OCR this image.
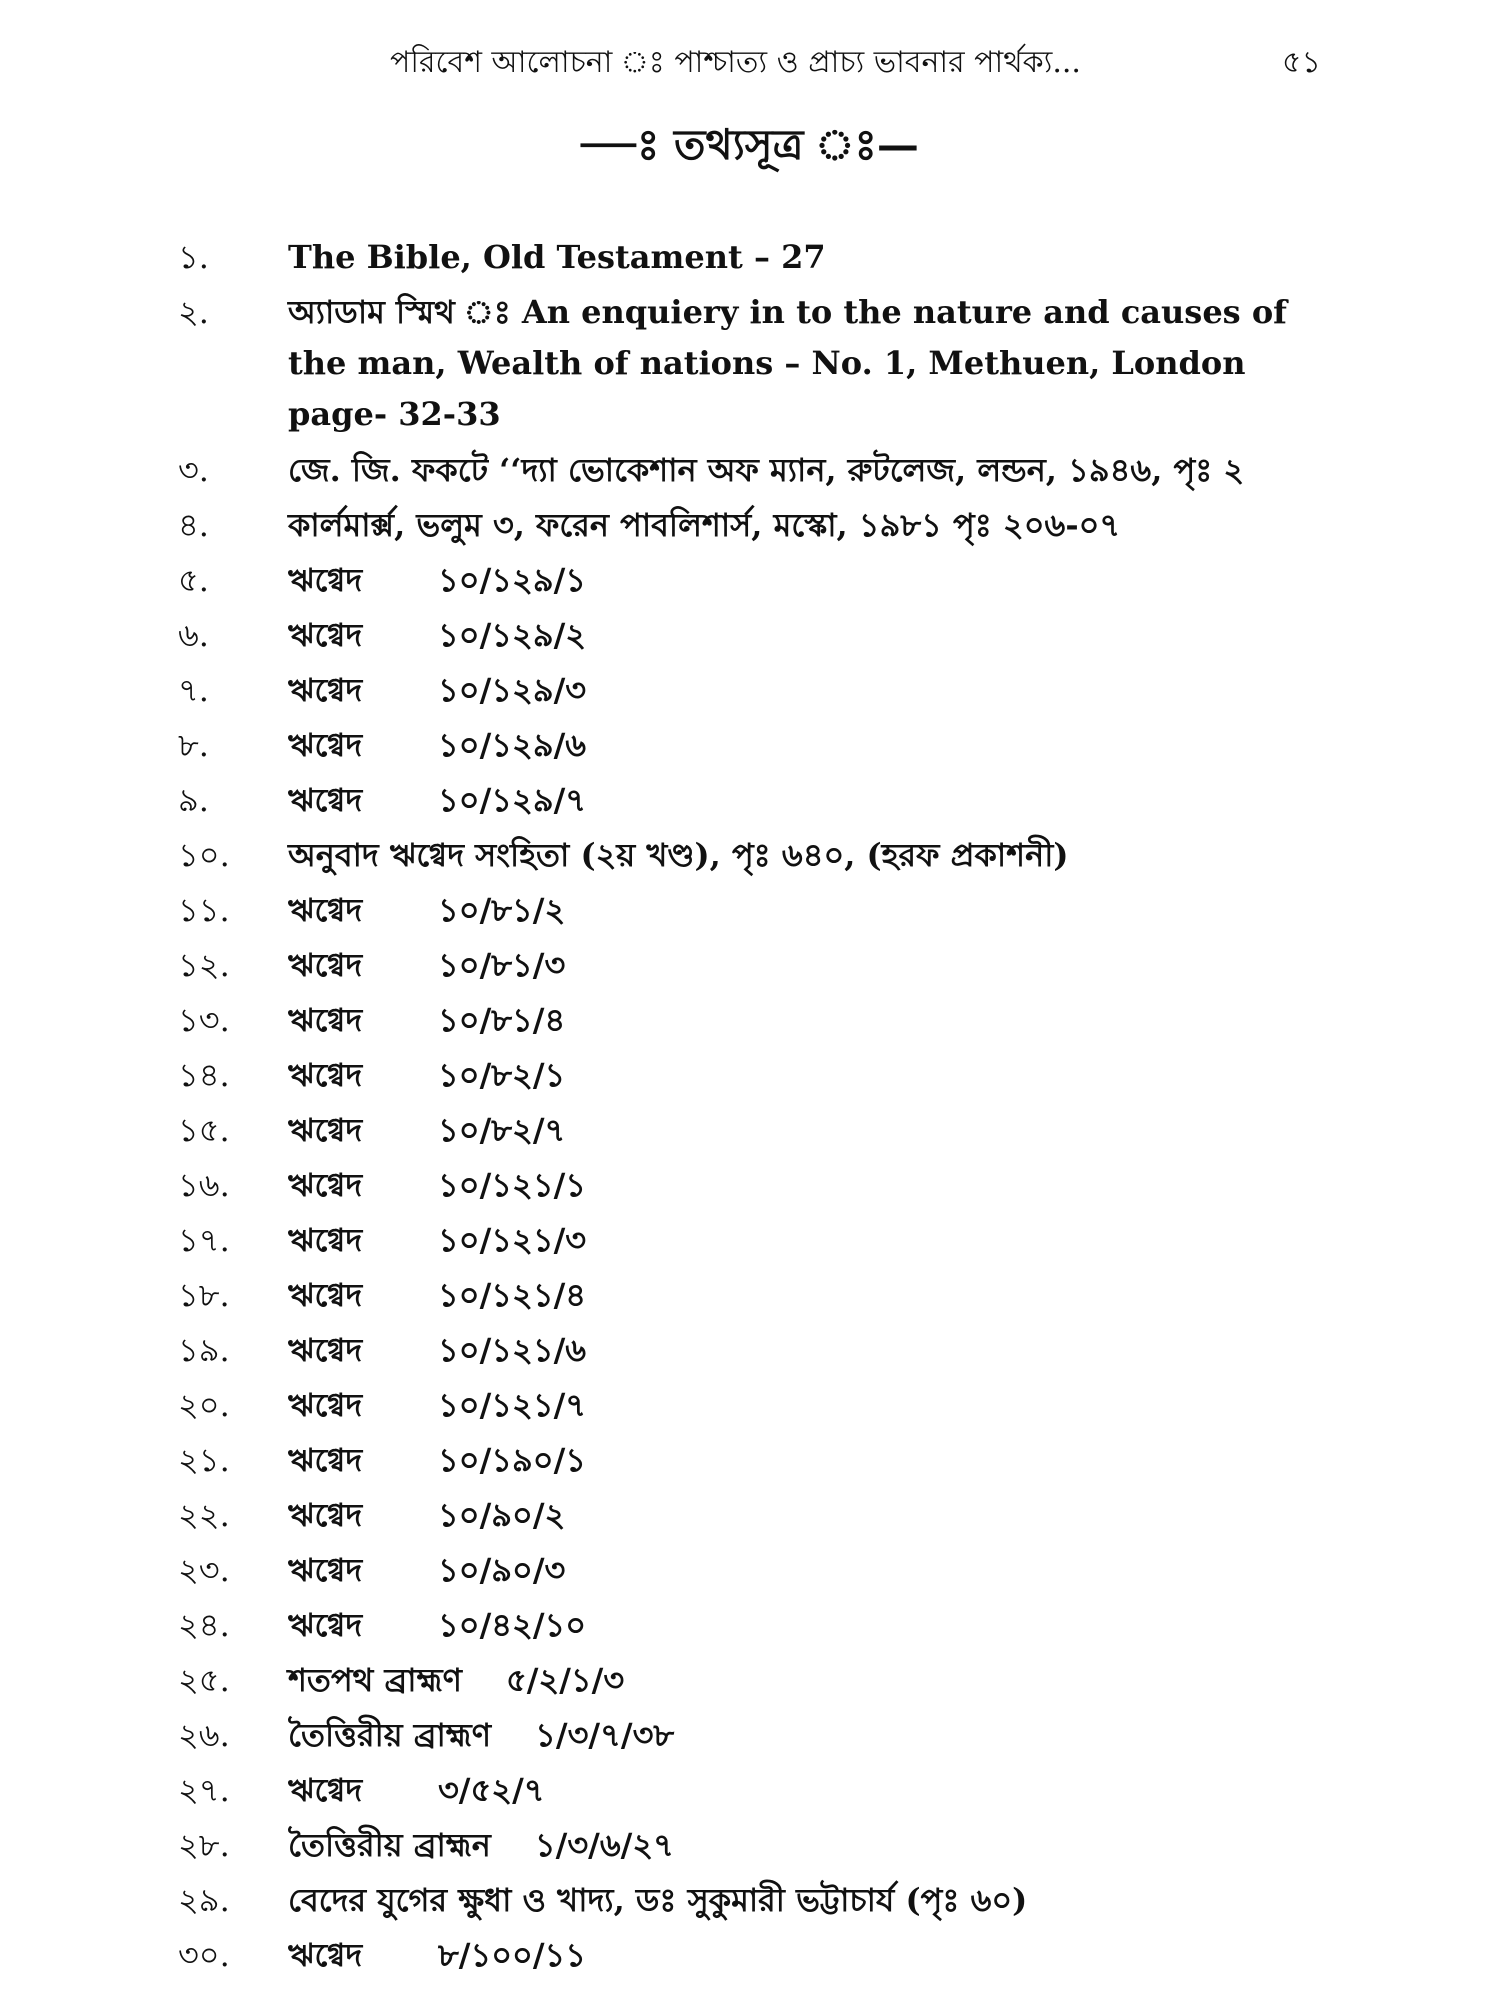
পরিবেশ আলোচনা ঃ পাশ্চাত্য ও প্রাচ্য ভাবনার পার্থক্য...	৫১
—ঃ তথ্যসূত্র ঃ—
১.	The Bible, Old Testament – 27
২.	অ্যাডাম স্মিথ ঃ An enquiery in to the nature and causes of the man, Wealth of nations – No. 1, Methuen, London page- 32-33
৩.	জে. জি. ফকটে ‘‘দ্যা ভোকেশান অফ ম্যান, রুটলেজ, লন্ডন, ১৯৪৬, পৃঃ ২
৪.	কার্লমার্ক্স, ভলুম ৩, ফরেন পাবলিশার্স, মস্কো, ১৯৮১ পৃঃ ২০৬-০৭
৫.	ঋগ্বেদ ১০/১২৯/১
৬.	ঋগ্বেদ ১০/১২৯/২
৭.	ঋগ্বেদ ১০/১২৯/৩
৮.	ঋগ্বেদ ১০/১২৯/৬
৯.	ঋগ্বেদ ১০/১২৯/৭
১০.	অনুবাদ ঋগ্বেদ সংহিতা (২য় খণ্ড), পৃঃ ৬৪০, (হরফ প্রকাশনী)
১১.	ঋগ্বেদ ১০/৮১/২
১২.	ঋগ্বেদ ১০/৮১/৩
১৩.	ঋগ্বেদ ১০/৮১/৪
১৪.	ঋগ্বেদ ১০/৮২/১
১৫.	ঋগ্বেদ ১০/৮২/৭
১৬.	ঋগ্বেদ ১০/১২১/১
১৭.	ঋগ্বেদ ১০/১২১/৩
১৮.	ঋগ্বেদ ১০/১২১/৪
১৯.	ঋগ্বেদ ১০/১২১/৬
২০.	ঋগ্বেদ ১০/১২১/৭
২১.	ঋগ্বেদ ১০/১৯০/১
২২.	ঋগ্বেদ ১০/৯০/২
২৩.	ঋগ্বেদ ১০/৯০/৩
২৪.	ঋগ্বেদ ১০/৪২/১০
২৫.	শতপথ ব্রাহ্মণ ৫/২/১/৩
২৬.	তৈত্তিরীয় ব্রাহ্মণ ১/৩/৭/৩৮
২৭.	ঋগ্বেদ ৩/৫২/৭
২৮.	তৈত্তিরীয় ব্রাহ্মন ১/৩/৬/২৭
২৯.	বেদের যুগের ক্ষুধা ও খাদ্য, ডঃ সুকুমারী ভট্টাচার্য (পৃঃ ৬০)
৩০.	ঋগ্বেদ ৮/১০০/১১
